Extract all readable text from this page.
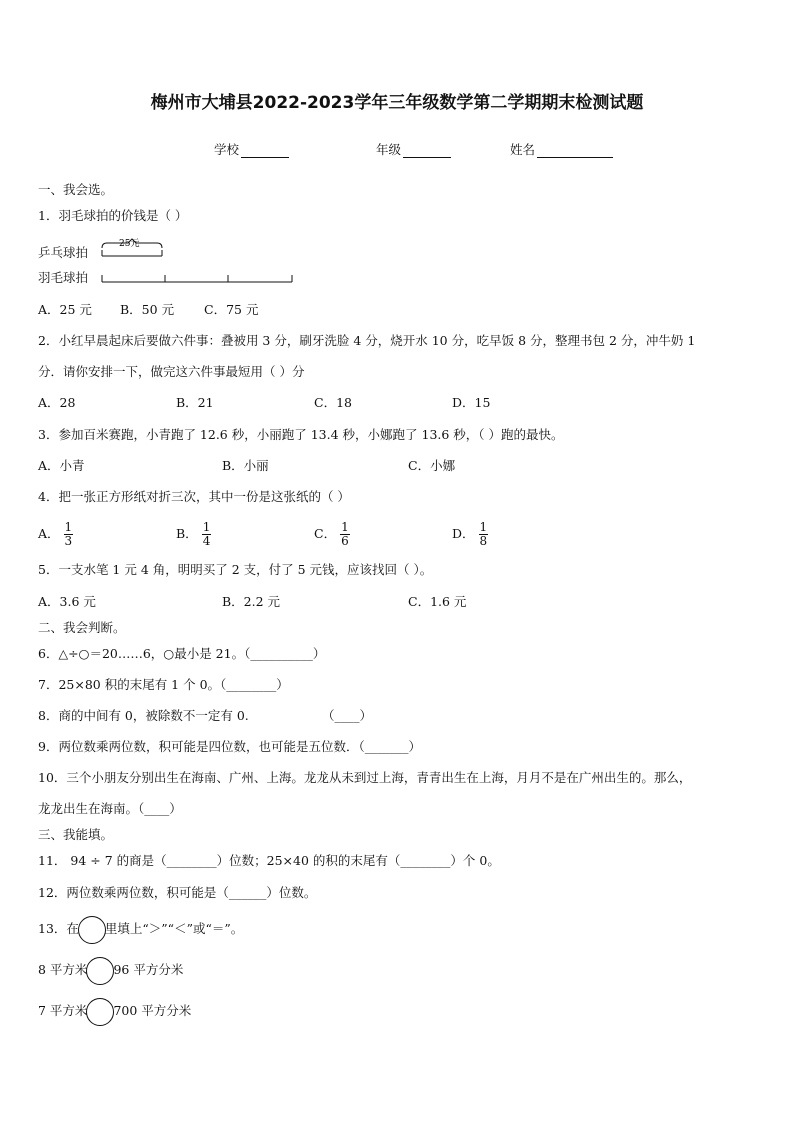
梅州市大埔县2022-2023学年三年级数学第二学期期末检测试题
学校	年级	姓名
一、我会选。
1．羽毛球拍的价钱是（ ）
乒乓球拍
羽毛球拍
25元
A．25 元 B．50 元 C．75 元
2．小红早晨起床后要做六件事：叠被用 3 分，刷牙洗脸 4 分，烧开水 10 分，吃早饭 8 分，整理书包 2 分，冲牛奶 1
分．请你安排一下，做完这六件事最短用（ ）分
A．28	B．21	C．18	D．15
3．参加百米赛跑，小青跑了 12.6 秒，小丽跑了 13.4 秒，小娜跑了 13.6 秒，（ ）跑的最快。
A．小青	B．小丽	C．小娜
4．把一张正方形纸对折三次，其中一份是这张纸的（ ）
A． $\frac{1}{3}$	B． $\frac{1}{4}$	C． $\frac{1}{6}$	D． $\frac{1}{8}$
5．一支水笔 1 元 4 角，明明买了 2 支，付了 5 元钱，应该找回（ ）。
A．3.6 元	B．2.2 元	C．1.6 元
二、我会判断。
6．△÷○＝20……6，○最小是 21。（__________）
7．25×80 积的末尾有 1 个 0。（________）
8．商的中间有 0，被除数不一定有 0.	（____）
9．两位数乘两位数，积可能是四位数，也可能是五位数．（_______）
10．三个小朋友分别出生在海南、广州、上海。龙龙从未到过上海，青青出生在上海，月月不是在广州出生的。那么，
龙龙出生在海南。（____）
三、我能填。
11． 94 ÷ 7 的商是（________）位数；25×40 的积的末尾有（________）个 0。
12．两位数乘两位数，积可能是（______）位数。
13．在 里填上“＞”“＜”或“＝”。
8 平方米 96 平方分米
7 平方米 700 平方分米
